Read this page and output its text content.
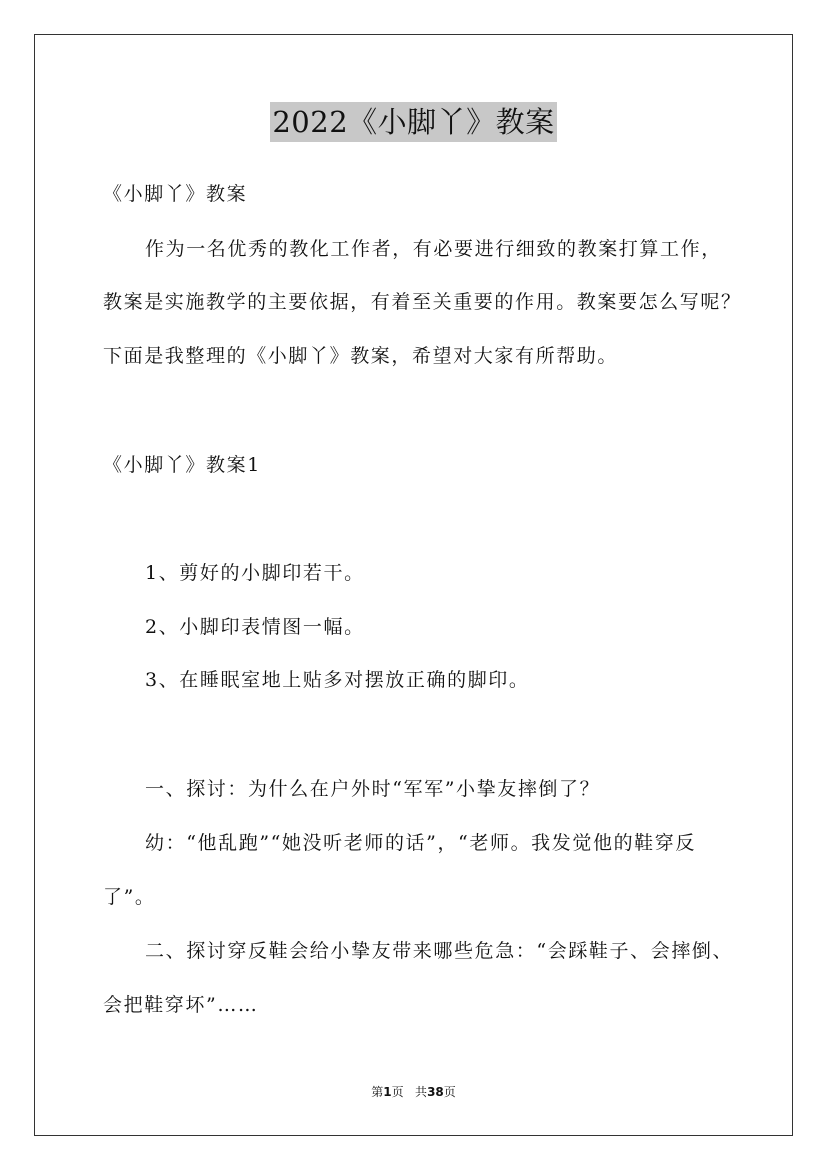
2022《小脚丫》教案
《小脚丫》教案
作为一名优秀的教化工作者，有必要进行细致的教案打算工作，
教案是实施教学的主要依据，有着至关重要的作用。教案要怎么写呢？
下面是我整理的《小脚丫》教案，希望对大家有所帮助。
《小脚丫》教案1
1、剪好的小脚印若干。
2、小脚印表情图一幅。
3、在睡眠室地上贴多对摆放正确的脚印。
一、探讨：为什么在户外时“军军”小挚友摔倒了？
幼：“他乱跑”“她没听老师的话”，“老师。我发觉他的鞋穿反
了”。
二、探讨穿反鞋会给小挚友带来哪些危急：“会踩鞋子、会摔倒、
会把鞋穿坏”……
第1页 共38页
